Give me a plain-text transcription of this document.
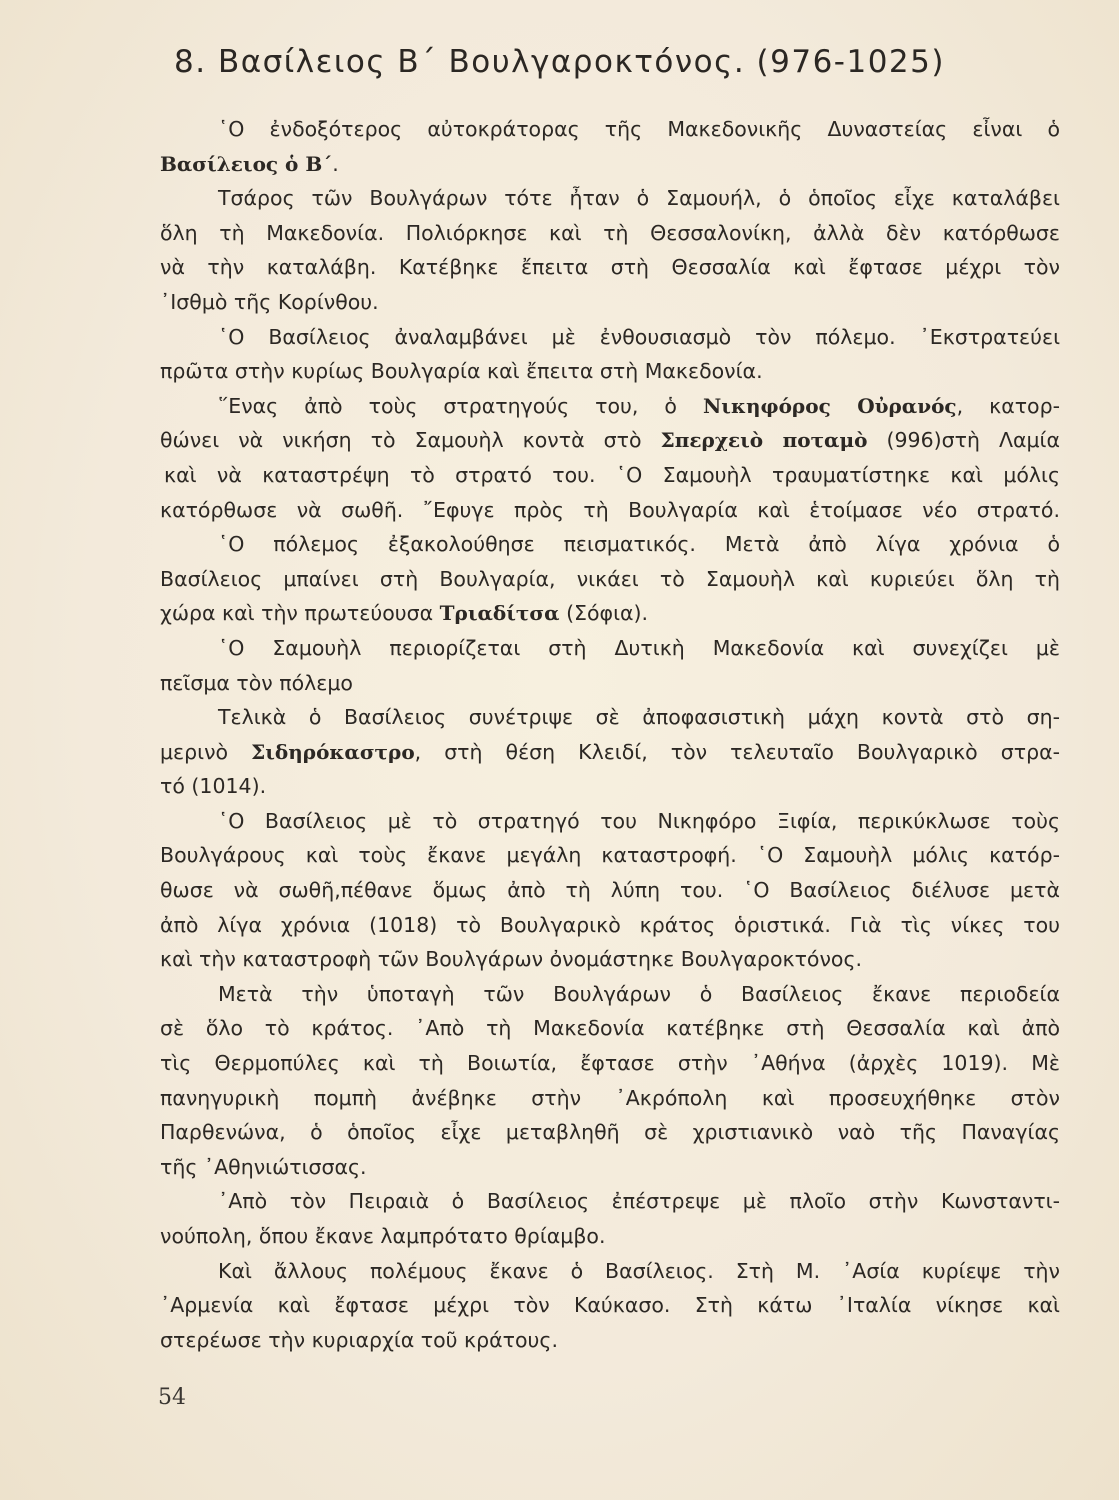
8. Βασίλειος Β΄ Βουλγαροκτόνος. (976-1025)
῾Ο ἐνδοξότερος αὐτοκράτορας τῆς Μακεδονικῆς Δυναστείας εἶναι ὁ
Βασίλειος ὁ Β΄.
Τσάρος τῶν Βουλγάρων τότε ἦταν ὁ Σαμουήλ, ὁ ὁποῖος εἶχε καταλάβει
ὅλη τὴ Μακεδονία. Πολιόρκησε καὶ τὴ Θεσσαλονίκη, ἀλλὰ δὲν κατόρθωσε
νὰ τὴν καταλάβη. Κατέβηκε ἔπειτα στὴ Θεσσαλία καὶ ἔφτασε μέχρι τὸν
᾽Ισθμὸ τῆς Κορίνθου.
῾Ο Βασίλειος ἀναλαμβάνει μὲ ἐνθουσιασμὸ τὸν πόλεμο. ᾽Εκστρατεύει
πρῶτα στὴν κυρίως Βουλγαρία καὶ ἔπειτα στὴ Μακεδονία.
῞Ενας ἀπὸ τοὺς στρατηγούς του, ὁ Νικηφόρος Οὐρανός, κατορ-
θώνει νὰ νικήση τὸ Σαμουὴλ κοντὰ στὸ Σπερχειὸ ποταμὸ (996)στὴ Λαμία
καὶ νὰ καταστρέψη τὸ στρατό του. ῾Ο Σαμουὴλ τραυματίστηκε καὶ μόλις
κατόρθωσε νὰ σωθῆ. ῎Εφυγε πρὸς τὴ Βουλγαρία καὶ ἑτοίμασε νέο στρατό.
῾Ο πόλεμος ἐξακολούθησε πεισματικός. Μετὰ ἀπὸ λίγα χρόνια ὁ
Βασίλειος μπαίνει στὴ Βουλγαρία, νικάει τὸ Σαμουὴλ καὶ κυριεύει ὅλη τὴ
χώρα καὶ τὴν πρωτεύουσα Τριαδίτσα (Σόφια).
῾Ο Σαμουὴλ περιορίζεται στὴ Δυτικὴ Μακεδονία καὶ συνεχίζει μὲ
πεῖσμα τὸν πόλεμο
Τελικὰ ὁ Βασίλειος συνέτριψε σὲ ἀποφασιστικὴ μάχη κοντὰ στὸ ση-
μερινὸ Σιδηρόκαστρο, στὴ θέση Κλειδί, τὸν τελευταῖο Βουλγαρικὸ στρα-
τό (1014).
῾Ο Βασίλειος μὲ τὸ στρατηγό του Νικηφόρο Ξιφία, περικύκλωσε τοὺς
Βουλγάρους καὶ τοὺς ἔκανε μεγάλη καταστροφή. ῾Ο Σαμουὴλ μόλις κατόρ-
θωσε νὰ σωθῆ,πέθανε ὅμως ἀπὸ τὴ λύπη του. ῾Ο Βασίλειος διέλυσε μετὰ
ἀπὸ λίγα χρόνια (1018) τὸ Βουλγαρικὸ κράτος ὁριστικά. Γιὰ τὶς νίκες του
καὶ τὴν καταστροφὴ τῶν Βουλγάρων ὀνομάστηκε Βουλγαροκτόνος.
Μετὰ τὴν ὑποταγὴ τῶν Βουλγάρων ὁ Βασίλειος ἔκανε περιοδεία
σὲ ὅλο τὸ κράτος. ᾽Απὸ τὴ Μακεδονία κατέβηκε στὴ Θεσσαλία καὶ ἀπὸ
τὶς Θερμοπύλες καὶ τὴ Βοιωτία, ἔφτασε στὴν ᾽Αθήνα (ἀρχὲς 1019). Μὲ
πανηγυρικὴ πομπὴ ἀνέβηκε στὴν ᾽Ακρόπολη καὶ προσευχήθηκε στὸν
Παρθενώνα, ὁ ὁποῖος εἶχε μεταβληθῆ σὲ χριστιανικὸ ναὸ τῆς Παναγίας
τῆς ᾽Αθηνιώτισσας.
᾽Απὸ τὸν Πειραιὰ ὁ Βασίλειος ἐπέστρεψε μὲ πλοῖο στὴν Κωνσταντι-
νούπολη, ὅπου ἔκανε λαμπρότατο θρίαμβο.
Καὶ ἄλλους πολέμους ἔκανε ὁ Βασίλειος. Στὴ Μ. ᾽Ασία κυρίεψε τὴν
᾽Αρμενία καὶ ἔφτασε μέχρι τὸν Καύκασο. Στὴ κάτω ᾽Ιταλία νίκησε καὶ
στερέωσε τὴν κυριαρχία τοῦ κράτους.
54
